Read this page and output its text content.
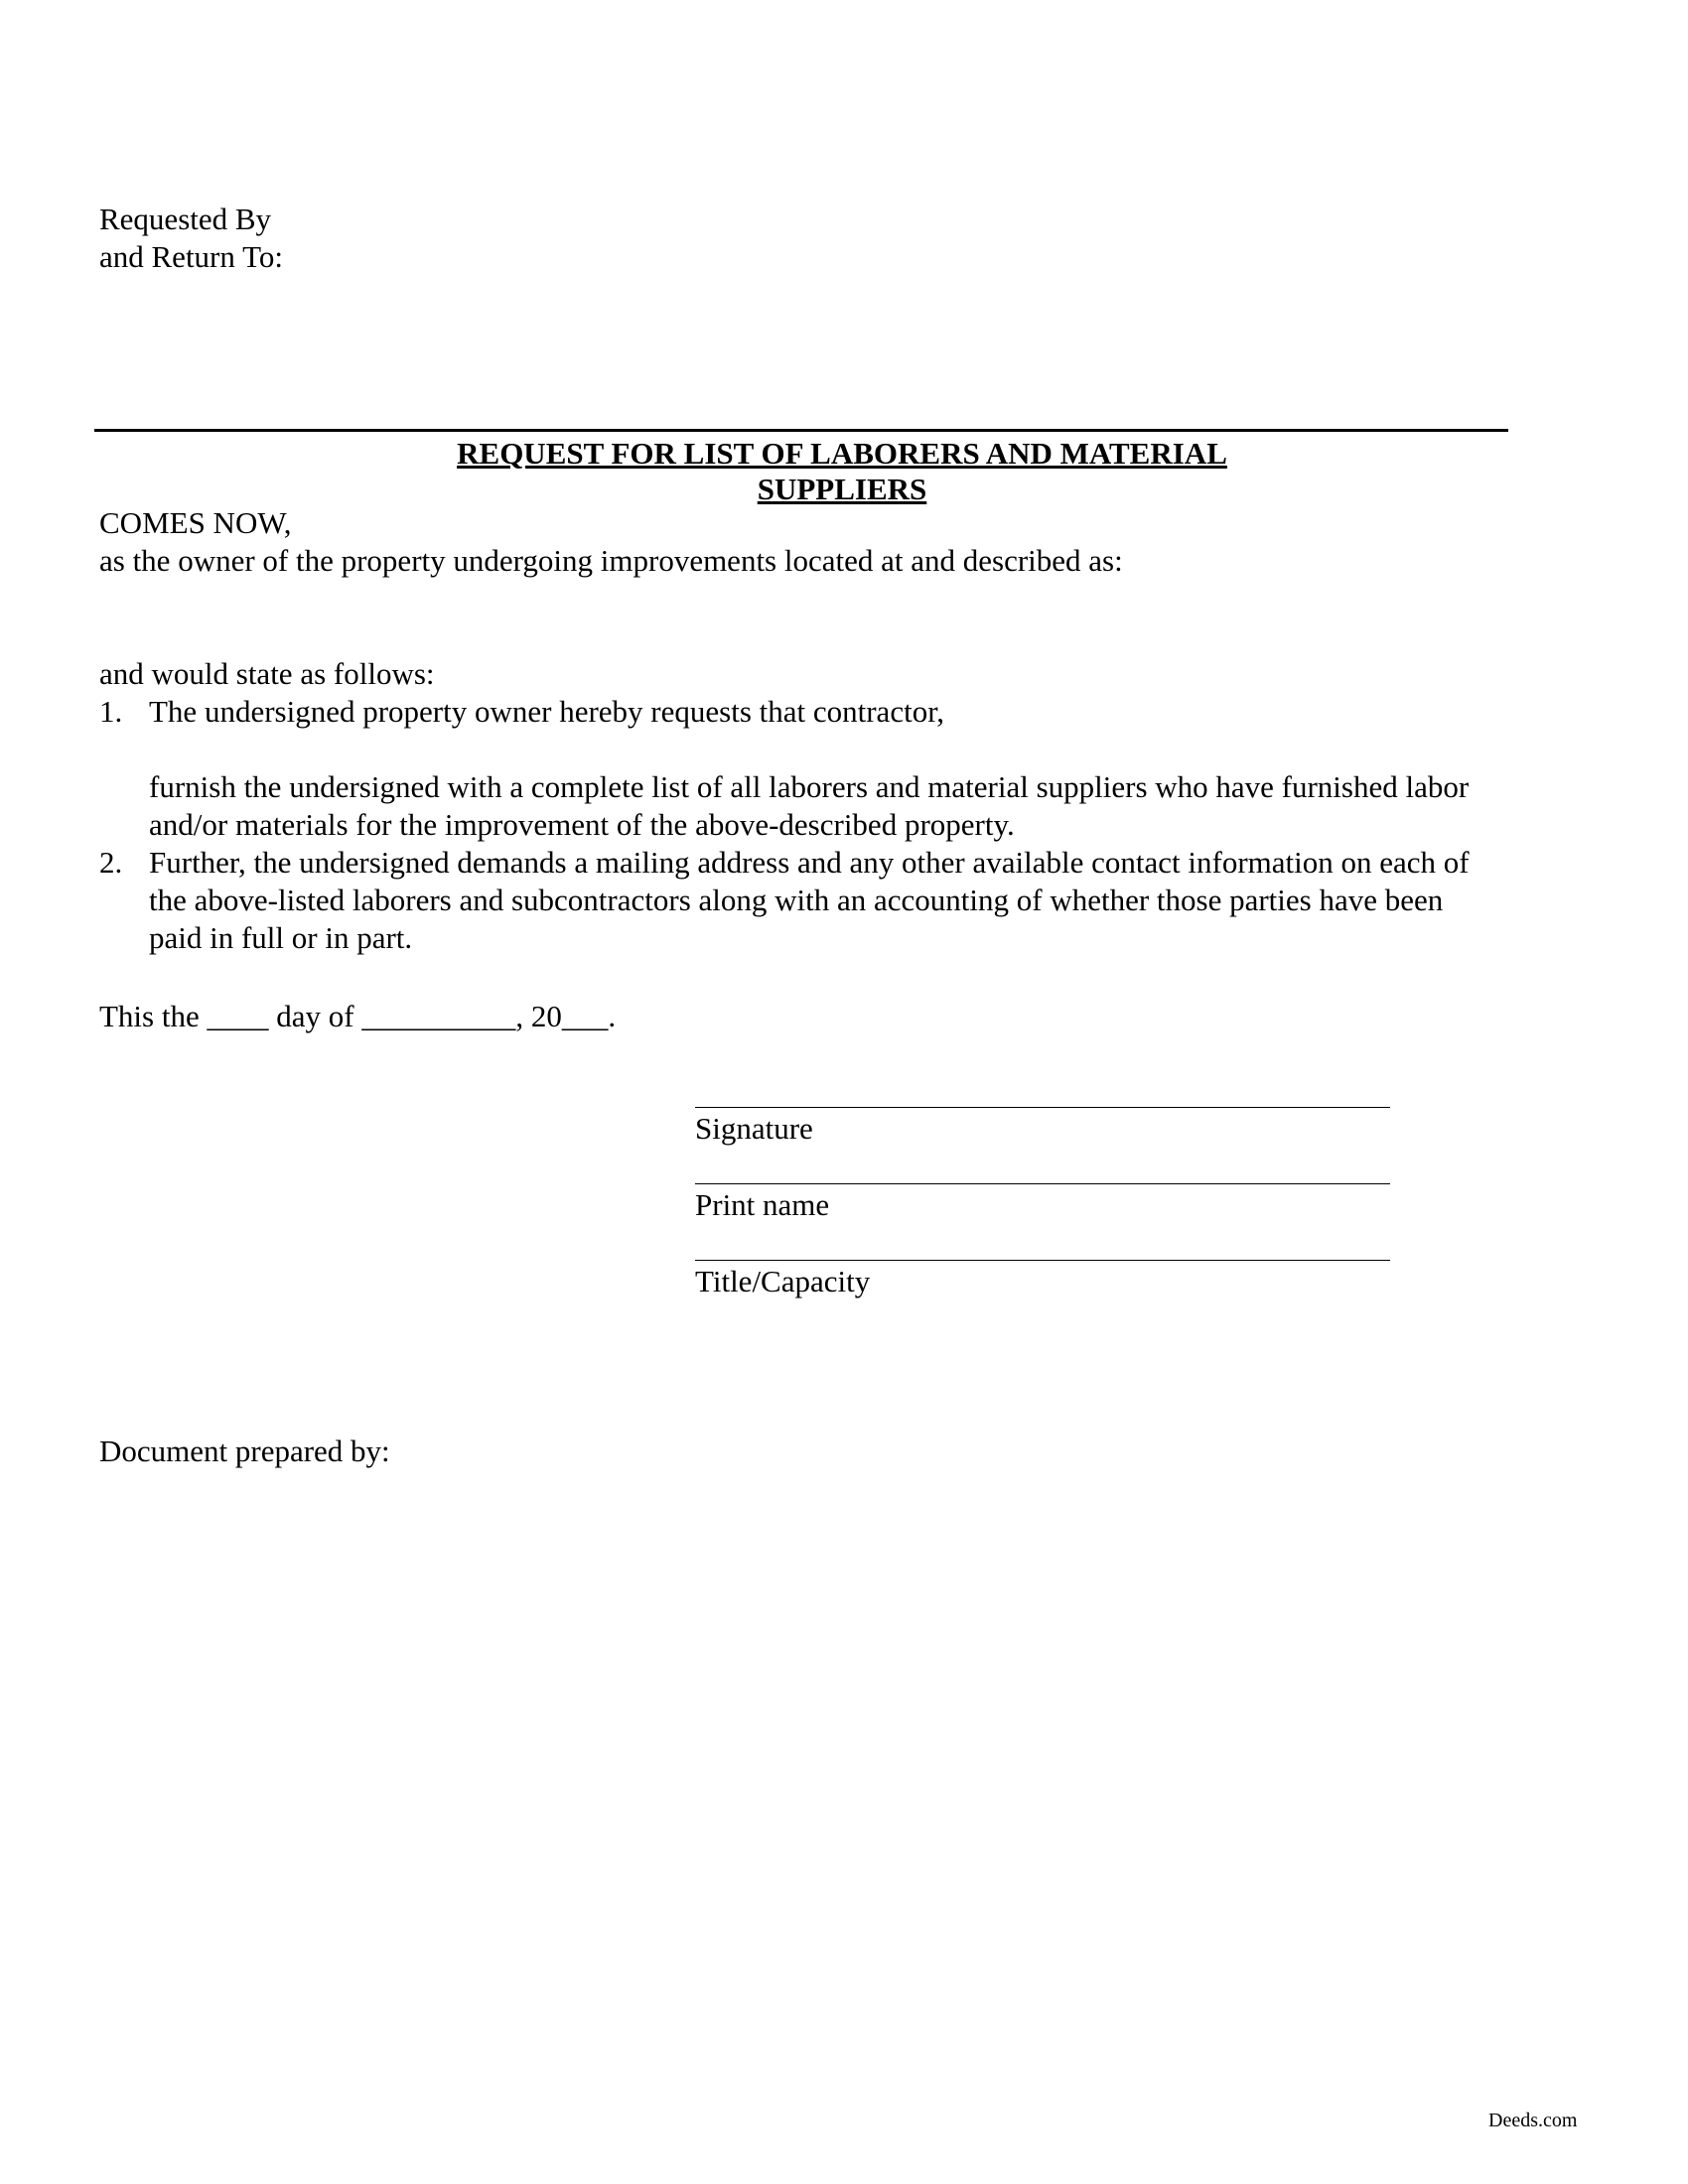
Requested By
and Return To:
REQUEST FOR LIST OF LABORERS AND MATERIAL
SUPPLIERS
COMES NOW,
as the owner of the property undergoing improvements located at and described as:
and would state as follows:
1. The undersigned property owner hereby requests that contractor,
furnish the undersigned with a complete list of all laborers and material suppliers who have furnished labor
and/or materials for the improvement of the above-described property.
2. Further, the undersigned demands a mailing address and any other available contact information on each of
the above-listed laborers and subcontractors along with an accounting of whether those parties have been
paid in full or in part.
This the ____ day of __________, 20___.
Signature
Print name
Title/Capacity
Document prepared by:
Deeds.com
